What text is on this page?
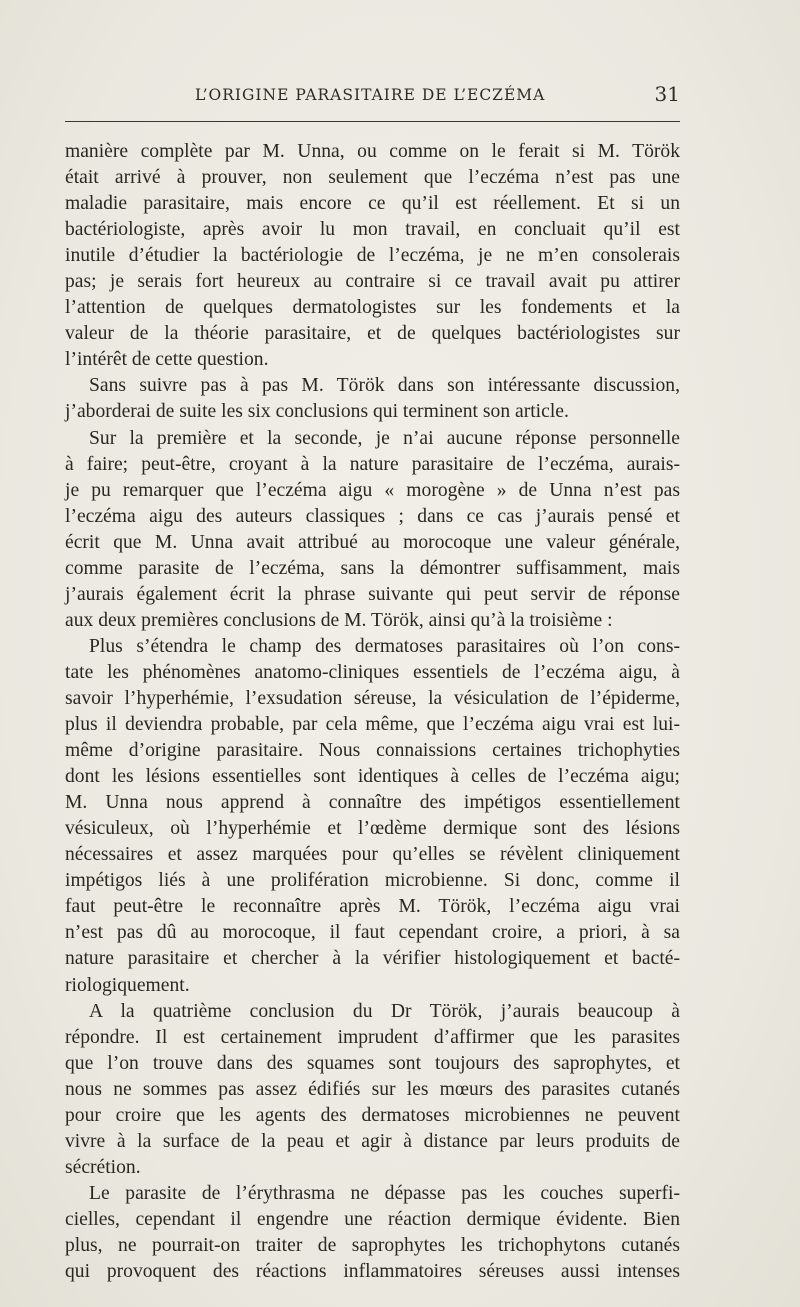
L’ORIGINE PARASITAIRE DE L’ECZÉMA	31
manière complète par M. Unna, ou comme on le ferait si M. Török
était arrivé à prouver, non seulement que l’eczéma n’est pas une
maladie parasitaire, mais encore ce qu’il est réellement. Et si un
bactériologiste, après avoir lu mon travail, en concluait qu’il est
inutile d’étudier la bactériologie de l’eczéma, je ne m’en consolerais
pas; je serais fort heureux au contraire si ce travail avait pu attirer
l’attention de quelques dermatologistes sur les fondements et la
valeur de la théorie parasitaire, et de quelques bactériologistes sur
l’intérêt de cette question.
Sans suivre pas à pas M. Török dans son intéressante discussion,
j’aborderai de suite les six conclusions qui terminent son article.
Sur la première et la seconde, je n’ai aucune réponse personnelle
à faire; peut-être, croyant à la nature parasitaire de l’eczéma, aurais-
je pu remarquer que l’eczéma aigu « morogène » de Unna n’est pas
l’eczéma aigu des auteurs classiques ; dans ce cas j’aurais pensé et
écrit que M. Unna avait attribué au morocoque une valeur générale,
comme parasite de l’eczéma, sans la démontrer suffisamment, mais
j’aurais également écrit la phrase suivante qui peut servir de réponse
aux deux premières conclusions de M. Török, ainsi qu’à la troisième :
Plus s’étendra le champ des dermatoses parasitaires où l’on cons-
tate les phénomènes anatomo-cliniques essentiels de l’eczéma aigu, à
savoir l’hyperhémie, l’exsudation séreuse, la vésiculation de l’épiderme,
plus il deviendra probable, par cela même, que l’eczéma aigu vrai est lui-
même d’origine parasitaire. Nous connaissions certaines trichophyties
dont les lésions essentielles sont identiques à celles de l’eczéma aigu;
M. Unna nous apprend à connaître des impétigos essentiellement
vésiculeux, où l’hyperhémie et l’œdème dermique sont des lésions
nécessaires et assez marquées pour qu’elles se révèlent cliniquement
impétigos liés à une prolifération microbienne. Si donc, comme il
faut peut-être le reconnaître après M. Török, l’eczéma aigu vrai
n’est pas dû au morocoque, il faut cependant croire, a priori, à sa
nature parasitaire et chercher à la vérifier histologiquement et bacté-
riologiquement.
A la quatrième conclusion du Dr Török, j’aurais beaucoup à
répondre. Il est certainement imprudent d’affirmer que les parasites
que l’on trouve dans des squames sont toujours des saprophytes, et
nous ne sommes pas assez édifiés sur les mœurs des parasites cutanés
pour croire que les agents des dermatoses microbiennes ne peuvent
vivre à la surface de la peau et agir à distance par leurs produits de
sécrétion.
Le parasite de l’érythrasma ne dépasse pas les couches superfi-
cielles, cependant il engendre une réaction dermique évidente. Bien
plus, ne pourrait-on traiter de saprophytes les trichophytons cutanés
qui provoquent des réactions inflammatoires séreuses aussi intenses
